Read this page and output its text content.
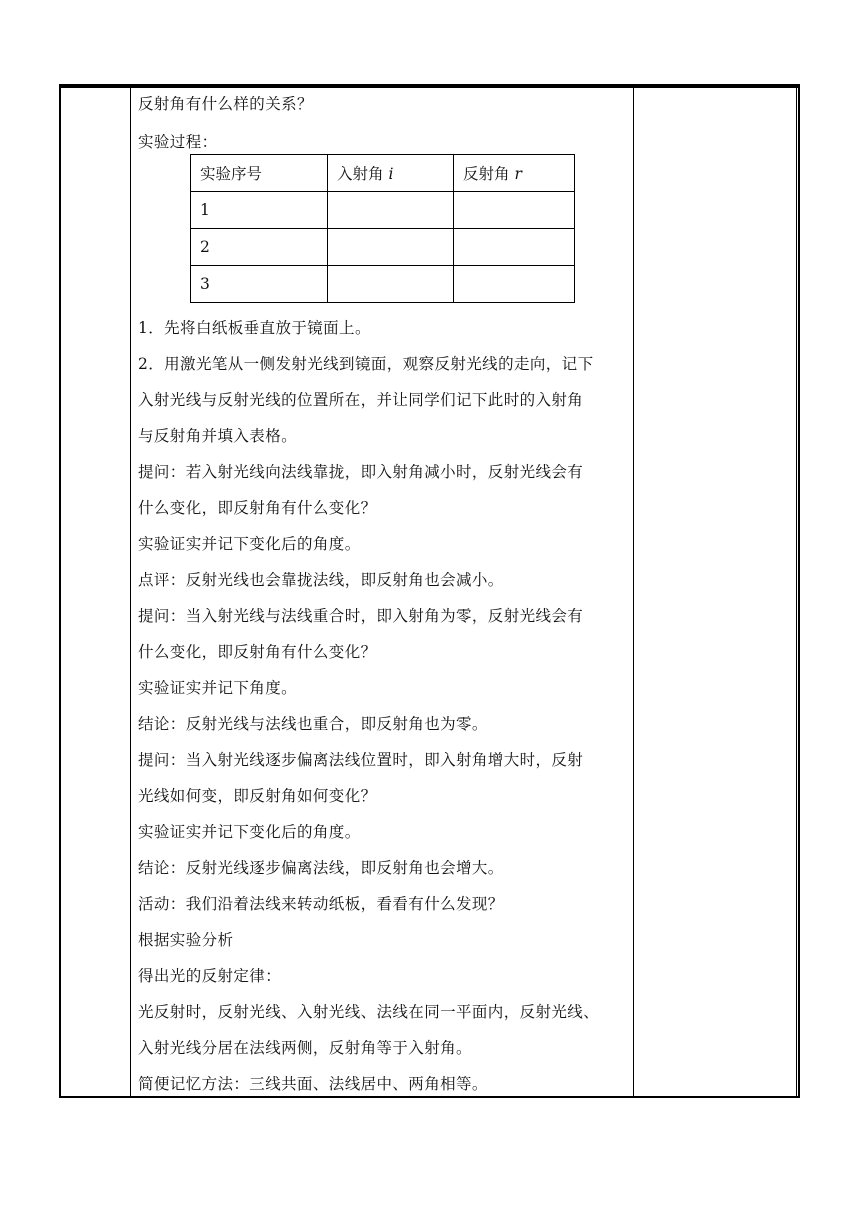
反射角有什么样的关系？
实验过程：
实验序号	入射角 i	反射角 r
1		
2		
3		
1．先将白纸板垂直放于镜面上。
2．用激光笔从一侧发射光线到镜面，观察反射光线的走向，记下
入射光线与反射光线的位置所在，并让同学们记下此时的入射角
与反射角并填入表格。
提问：若入射光线向法线靠拢，即入射角减小时，反射光线会有
什么变化，即反射角有什么变化？
实验证实并记下变化后的角度。
点评：反射光线也会靠拢法线，即反射角也会减小。
提问：当入射光线与法线重合时，即入射角为零，反射光线会有
什么变化，即反射角有什么变化？
实验证实并记下角度。
结论：反射光线与法线也重合，即反射角也为零。
提问：当入射光线逐步偏离法线位置时，即入射角增大时，反射
光线如何变，即反射角如何变化？
实验证实并记下变化后的角度。
结论：反射光线逐步偏离法线，即反射角也会增大。
活动：我们沿着法线来转动纸板，看看有什么发现？
根据实验分析
得出光的反射定律：
光反射时，反射光线、入射光线、法线在同一平面内，反射光线、
入射光线分居在法线两侧，反射角等于入射角。
简便记忆方法：三线共面、法线居中、两角相等。
